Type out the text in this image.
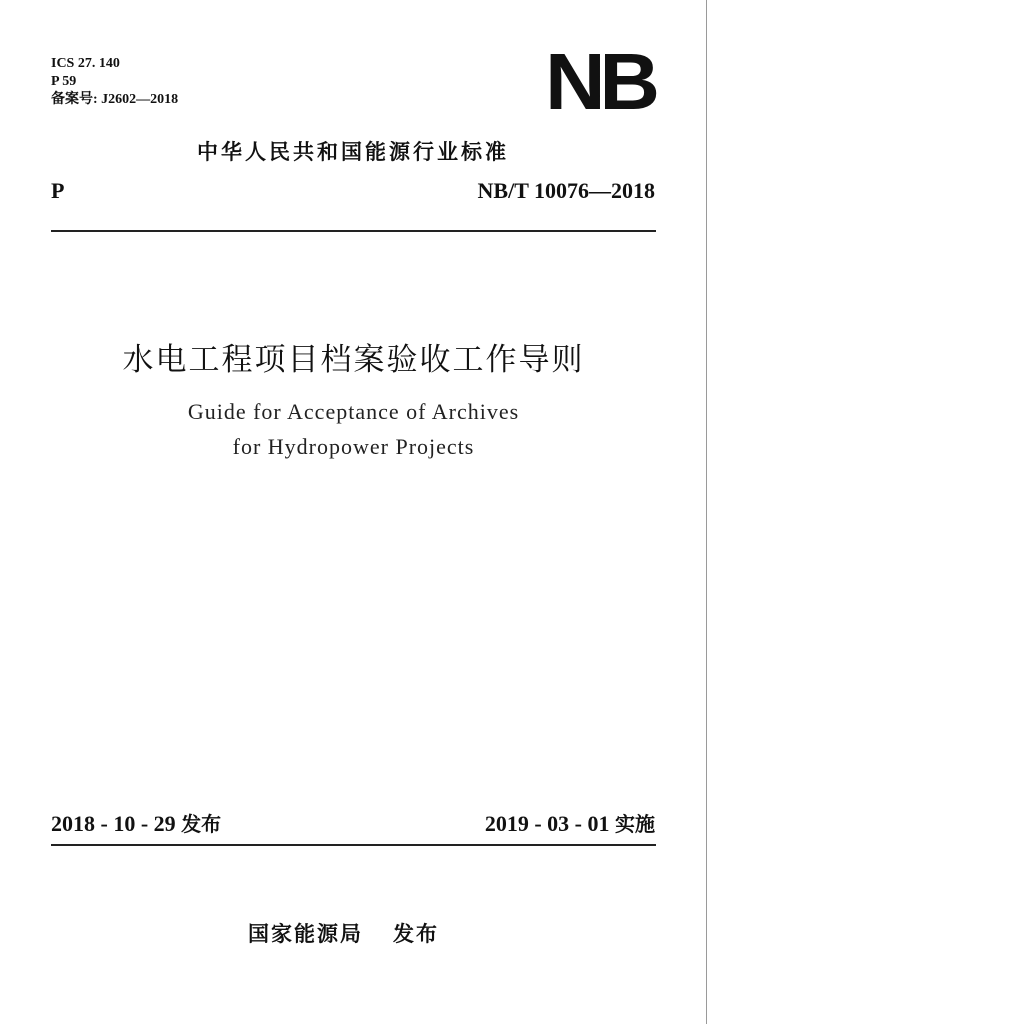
ICS 27. 140
P 59
备案号: J2602—2018	NB
中华人民共和国能源行业标准
P	NB/T 10076—2018
水电工程项目档案验收工作导则
Guide for Acceptance of Archives
for Hydropower Projects
2018 - 10 - 29 发布	2019 - 03 - 01 实施
国家能源局 发布
